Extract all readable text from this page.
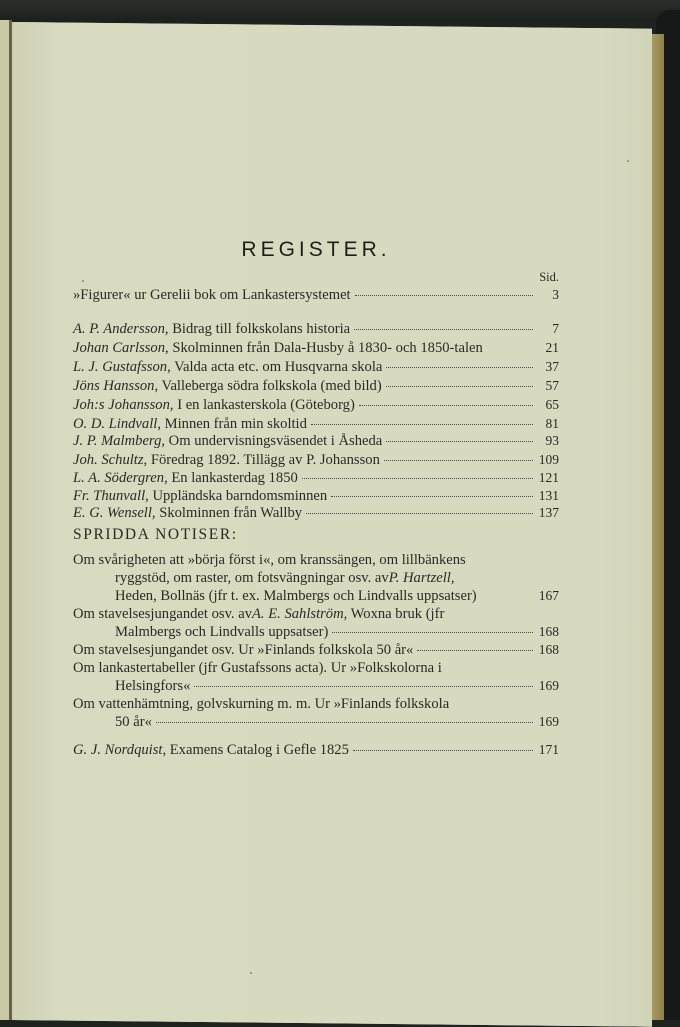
REGISTER.
Sid.
»Figurer« ur Gerelii bok om Lankastersystemet	3
A. P. Andersson, Bidrag till folkskolans historia	7
Johan Carlsson, Skolminnen från Dala-Husby å 1830- och 1850-talen	21
L. J. Gustafsson, Valda acta etc. om Husqvarna skola	37
Jöns Hansson, Valleberga södra folkskola (med bild)	57
Joh:s Johansson, I en lankasterskola (Göteborg)	65
O. D. Lindvall, Minnen från min skoltid	81
J. P. Malmberg, Om undervisningsväsendet i Åsheda	93
Joh. Schultz, Föredrag 1892. Tillägg av P. Johansson	109
L. A. Södergren, En lankasterdag 1850	121
Fr. Thunvall, Uppländska barndomsminnen	131
E. G. Wensell, Skolminnen från Wallby	137
SPRIDDA NOTISER:
Om svårigheten att »börja först i«, om kranssängen, om lillbänkens
ryggstöd, om raster, om fotsvängningar osv. av P. Hartzell,
Heden, Bollnäs (jfr t. ex. Malmbergs och Lindvalls uppsatser)	167
Om stavelsesjungandet osv. av A. E. Sahlström , Woxna bruk (jfr
Malmbergs och Lindvalls uppsatser)	168
Om stavelsesjungandet osv. Ur »Finlands folkskola 50 år«	168
Om lankastertabeller (jfr Gustafssons acta). Ur »Folkskolorna i
Helsingfors«	169
Om vattenhämtning, golvskurning m. m. Ur »Finlands folkskola
50 år«	169
G. J. Nordquist, Examens Catalog i Gefle 1825	171
